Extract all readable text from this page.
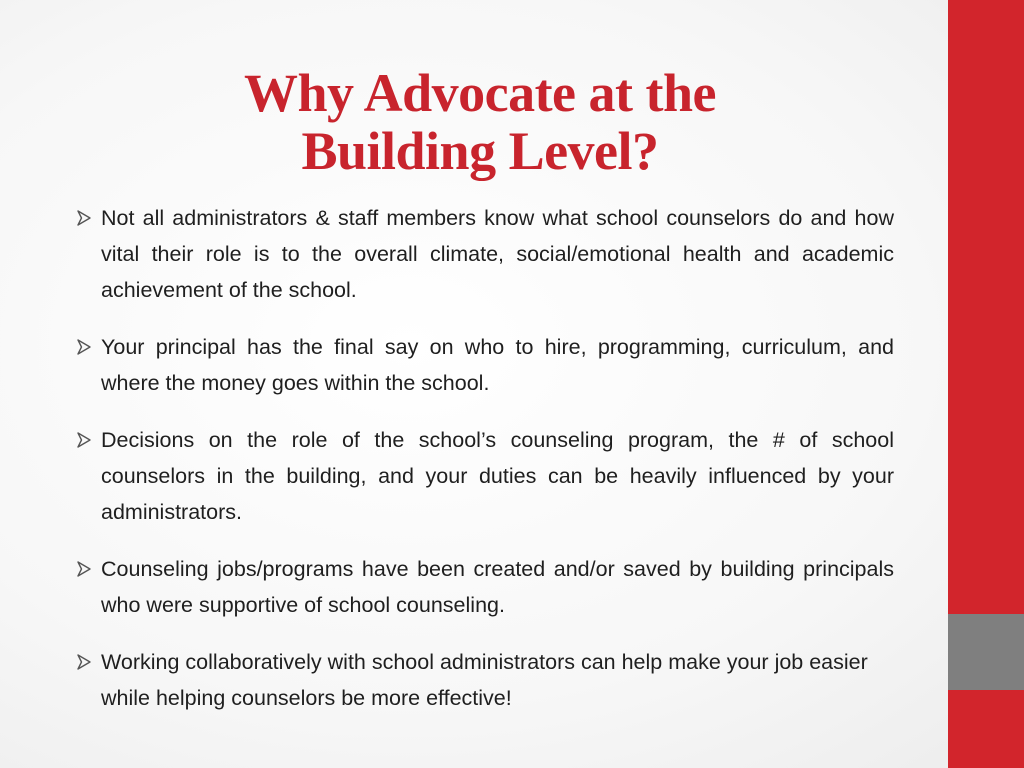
Why Advocate at the
Building Level?
Not all administrators & staff members know what school counselors do and how vital their role is to the overall climate, social/emotional health and academic achievement of the school.
Your principal has the final say on who to hire, programming, curriculum, and where the money goes within the school.
Decisions on the role of the school’s counseling program, the # of school counselors in the building, and your duties can be heavily influenced by your administrators.
Counseling jobs/programs have been created and/or saved by building principals who were supportive of school counseling.
Working collaboratively with school administrators can help make your job easier while helping counselors be more effective!
